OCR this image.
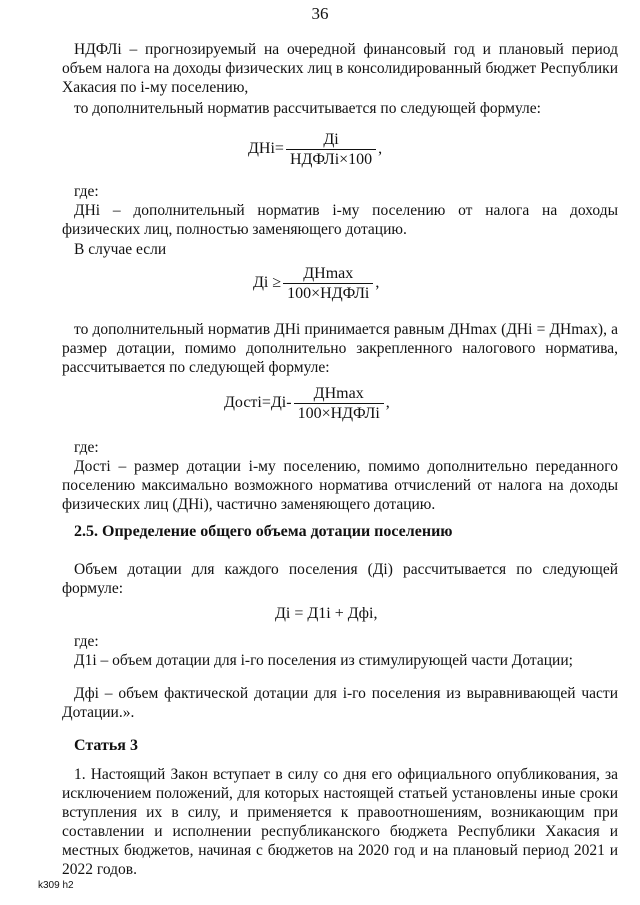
36

НДФЛi – прогнозируемый на очередной финансовый год и плановый период объем налога на доходы физических лиц в консолидированный бюджет Республики Хакасия по i-му поселению,

то дополнительный норматив рассчитывается по следующей формуле:

$ДНi= \frac{Дi}{\text{НДФЛi×100}}$ ,

где:

ДНi – дополнительный норматив i-му поселению от налога на доходы физических лиц, полностью заменяющего дотацию.

В случае если

Дi ≥ $\frac{ДН\max}{\text{100×НДФЛi}}$ ,

то дополнительный норматив ДНi принимается равным ДНmax (ДНi = ДНmax), а размер дотации, помимо дополнительно закрепленного налогового норматива, рассчитывается по следующей формуле:

Достi=Дi- $\frac{ДН\max}{\text{100×НДФЛi}}$ ,

где:

Достi – размер дотации i-му поселению, помимо дополнительно переданного поселению максимально возможного норматива отчислений от налога на доходы физических лиц (ДНi), частично заменяющего дотацию.

2.5. Определение общего объема дотации поселению

Объем дотации для каждого поселения (Дi) рассчитывается по следующей формуле:

Дi = Д1i + Дфi,

где:

Д1i – объем дотации для i-го поселения из стимулирующей части Дотации;

Дфi – объем фактической дотации для i-го поселения из выравнивающей части Дотации.».

Статья 3

1. Настоящий Закон вступает в силу со дня его официального опубликования, за исключением положений, для которых настоящей статьей установлены иные сроки вступления их в силу, и применяется к правоотношениям, возникающим при составлении и исполнении республиканского бюджета Республики Хакасия и местных бюджетов, начиная с бюджетов на 2020 год и на плановый период 2021 и 2022 годов.

k309 h2
